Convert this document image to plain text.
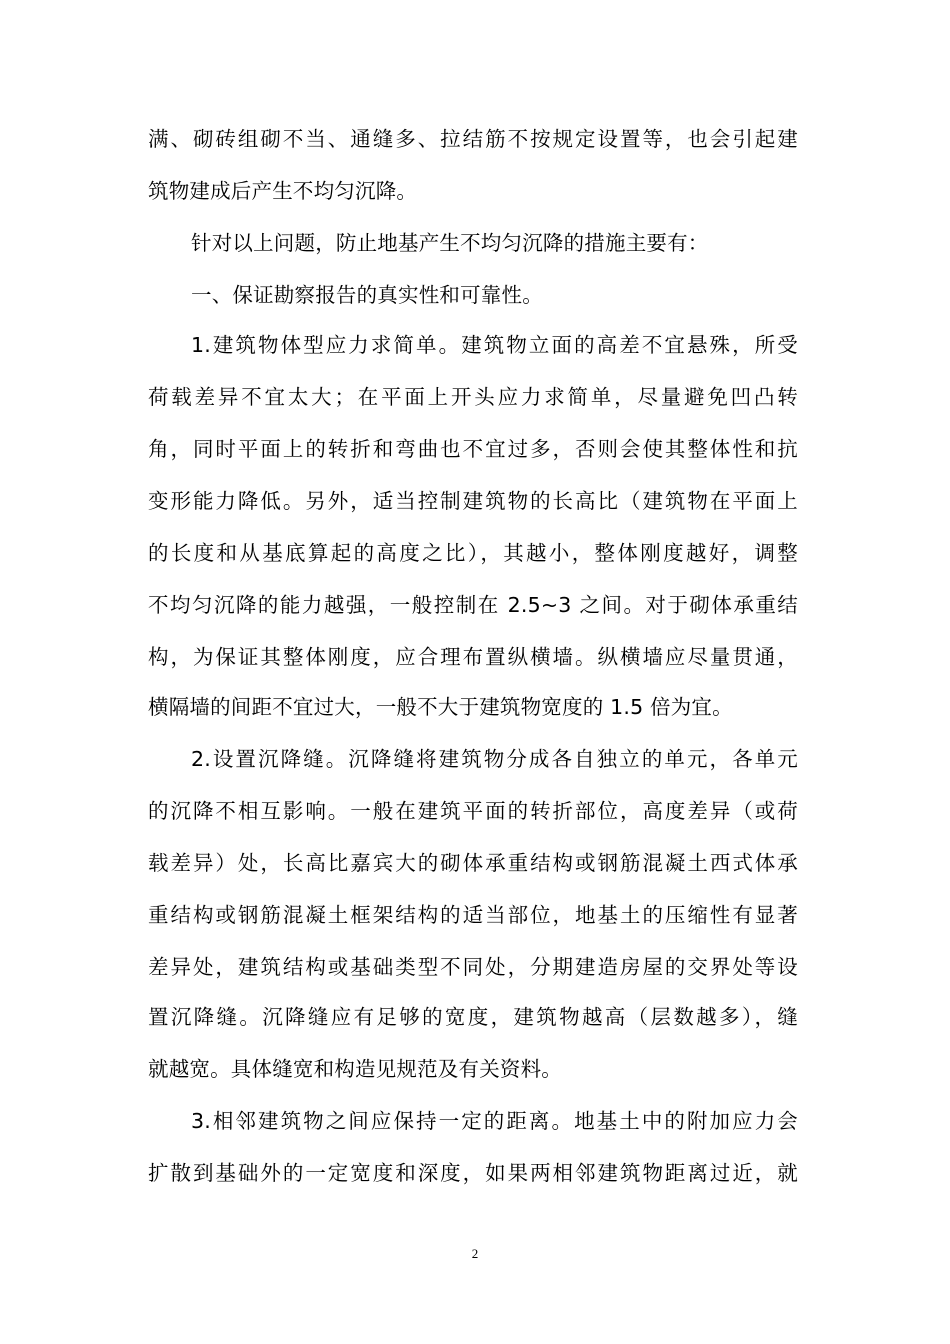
满、砌砖组砌不当、通缝多、拉结筋不按规定设置等，也会引起建
筑物建成后产生不均匀沉降。
针对以上问题，防止地基产生不均匀沉降的措施主要有：
一、保证勘察报告的真实性和可靠性。
1.建筑物体型应力求简单。建筑物立面的高差不宜悬殊，所受
荷载差异不宜太大；在平面上开头应力求简单，尽量避免凹凸转
角，同时平面上的转折和弯曲也不宜过多，否则会使其整体性和抗
变形能力降低。另外，适当控制建筑物的长高比（建筑物在平面上
的长度和从基底算起的高度之比），其越小，整体刚度越好，调整
不均匀沉降的能力越强，一般控制在 2.5~3 之间。对于砌体承重结
构，为保证其整体刚度，应合理布置纵横墙。纵横墙应尽量贯通，
横隔墙的间距不宜过大，一般不大于建筑物宽度的 1.5 倍为宜。
2.设置沉降缝。沉降缝将建筑物分成各自独立的单元，各单元
的沉降不相互影响。一般在建筑平面的转折部位，高度差异（或荷
载差异）处，长高比嘉宾大的砌体承重结构或钢筋混凝土西式体承
重结构或钢筋混凝土框架结构的适当部位，地基土的压缩性有显著
差异处，建筑结构或基础类型不同处，分期建造房屋的交界处等设
置沉降缝。沉降缝应有足够的宽度，建筑物越高（层数越多），缝
就越宽。具体缝宽和构造见规范及有关资料。
3.相邻建筑物之间应保持一定的距离。地基土中的附加应力会
扩散到基础外的一定宽度和深度，如果两相邻建筑物距离过近，就
2
